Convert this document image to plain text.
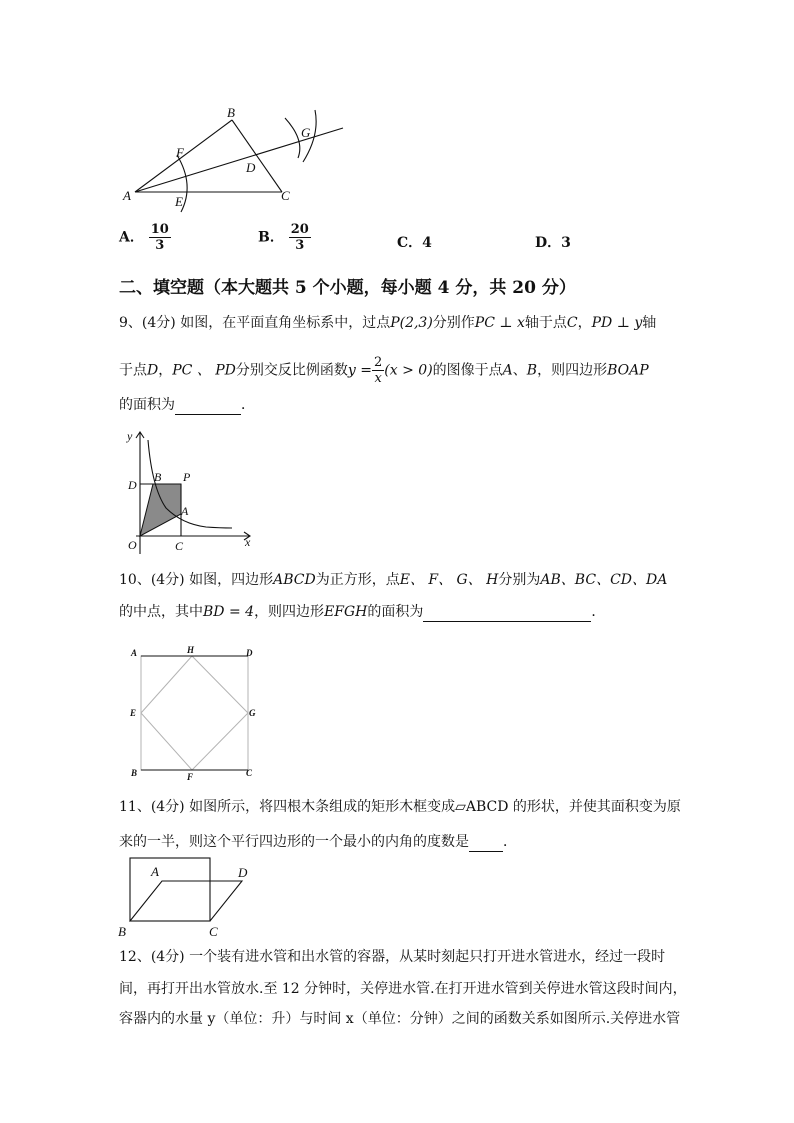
A
B
C
D
E
F
G
A． $\frac{10}{3}$	B． $\frac{20}{3}$	C．4	D．3
二、填空题（本大题共 5 个小题，每小题 4 分，共 20 分）
9、(4分) 如图，在平面直角坐标系中，过点P(2,3)分别作PC ⊥ x轴于点C，PD ⊥ y轴
于点D，PC 、 PD分别交反比例函数$y = \frac{2}{x} (x > 0)$的图像于点A、B，则四边形BOAP
的面积为	．
y
x
O	C
D
B P
A
10、(4分) 如图，四边形ABCD为正方形，点E、 F、 G、 H分别为AB、BC、CD、DA
的中点，其中BD = 4，则四边形EFGH的面积为	．
A	H	D
E	G
B	F	C
11、(4分) 如图所示，将四根木条组成的矩形木框变成▱ABCD 的形状，并使其面积变为原
来的一半，则这个平行四边形的一个最小的内角的度数是 ．
A	D
B	C
12、(4分) 一个装有进水管和出水管的容器，从某时刻起只打开进水管进水，经过一段时
间，再打开出水管放水.至 12 分钟时，关停进水管.在打开进水管到关停进水管这段时间内，
容器内的水量 y（单位：升）与时间 x（单位：分钟）之间的函数关系如图所示.关停进水管
